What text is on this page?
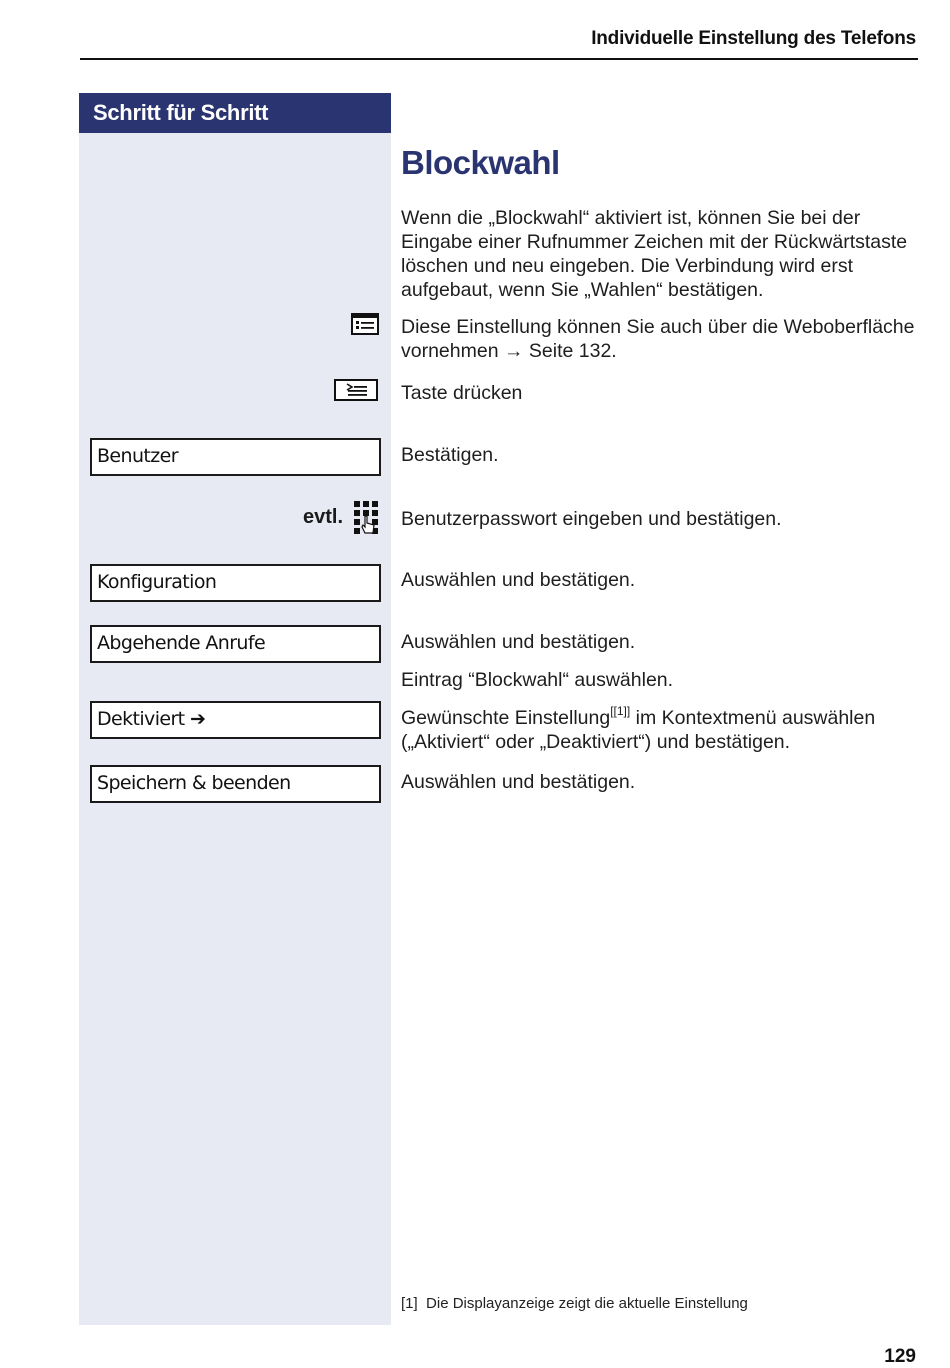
Individuelle Einstellung des Telefons
Schritt für Schritt
Blockwahl
Wenn die „Blockwahl“ aktiviert ist, können Sie bei der Eingabe einer Rufnummer Zeichen mit der Rückwärtstaste löschen und neu eingeben. Die Verbindung wird erst aufgebaut, wenn Sie „Wahlen“ bestätigen.
Diese Einstellung können Sie auch über die Weboberfläche vornehmen → Seite 132.
Taste drücken
Benutzer	Bestätigen.
evtl.	Benutzerpasswort eingeben und bestätigen.
Konfiguration	Auswählen und bestätigen.
Abgehende Anrufe	Auswählen und bestätigen.
Eintrag “Blockwahl“ auswählen.
Dektiviert ➔	Gewünschte Einstellung[[1]] im Kontextmenü auswählen („Aktiviert“ oder „Deaktiviert“) und bestätigen.
Speichern & beenden	Auswählen und bestätigen.
[1] Die Displayanzeige zeigt die aktuelle Einstellung
129
